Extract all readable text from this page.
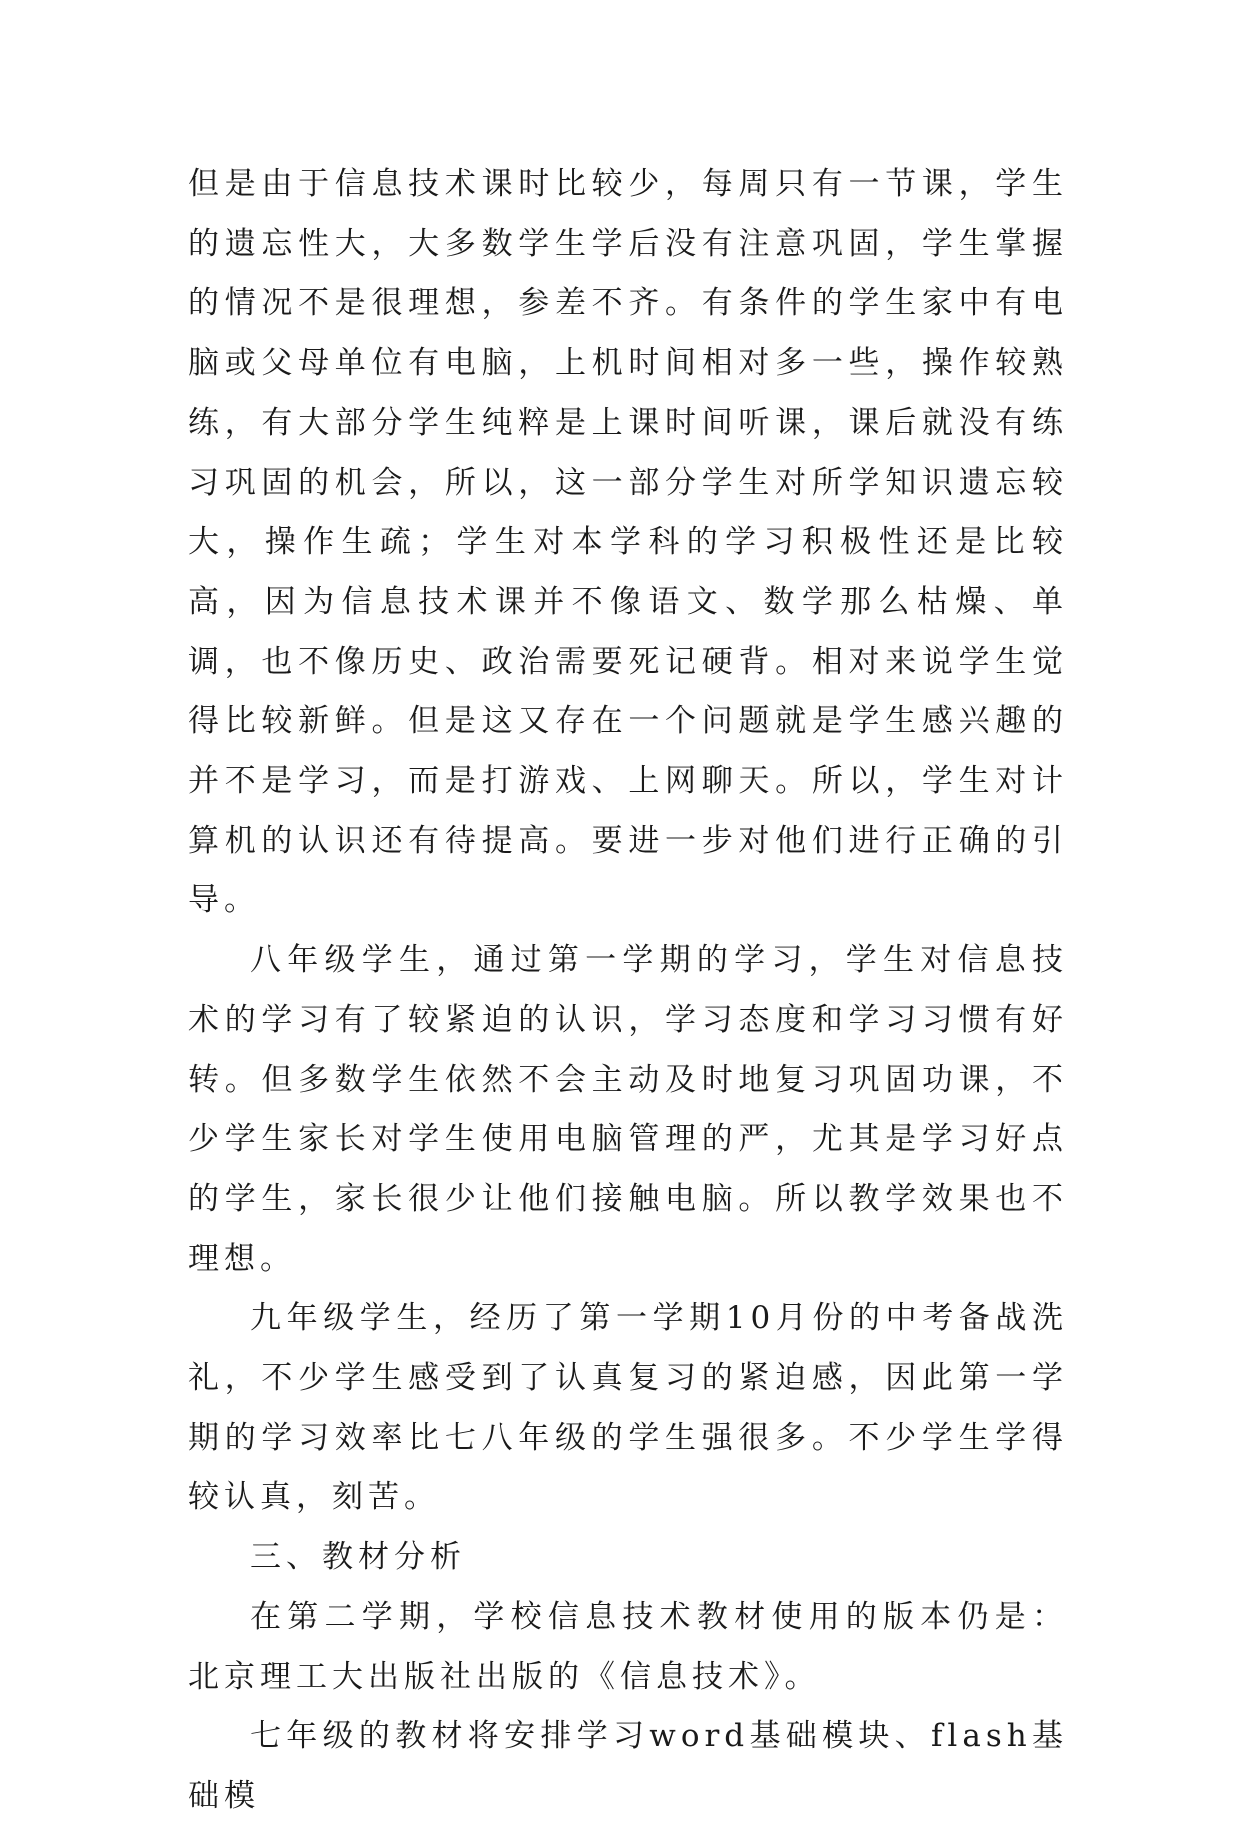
但是由于信息技术课时比较少，每周只有一节课，学生的遗忘性大，大多数学生学后没有注意巩固，学生掌握的情况不是很理想，参差不齐。有条件的学生家中有电脑或父母单位有电脑，上机时间相对多一些，操作较熟练，有大部分学生纯粹是上课时间听课，课后就没有练习巩固的机会，所以，这一部分学生对所学知识遗忘较大，操作生疏；学生对本学科的学习积极性还是比较高，因为信息技术课并不像语文、数学那么枯燥、单调，也不像历史、政治需要死记硬背。相对来说学生觉得比较新鲜。但是这又存在一个问题就是学生感兴趣的并不是学习，而是打游戏、上网聊天。所以，学生对计算机的认识还有待提高。要进一步对他们进行正确的引导。

八年级学生，通过第一学期的学习，学生对信息技术的学习有了较紧迫的认识，学习态度和学习习惯有好转。但多数学生依然不会主动及时地复习巩固功课，不少学生家长对学生使用电脑管理的严，尤其是学习好点的学生，家长很少让他们接触电脑。所以教学效果也不理想。

九年级学生，经历了第一学期10月份的中考备战洗礼，不少学生感受到了认真复习的紧迫感，因此第一学期的学习效率比七八年级的学生强很多。不少学生学得较认真，刻苦。

三、教材分析

在第二学期，学校信息技术教材使用的版本仍是：北京理工大出版社出版的《信息技术》。

七年级的教材将安排学习word基础模块、flash基础模
